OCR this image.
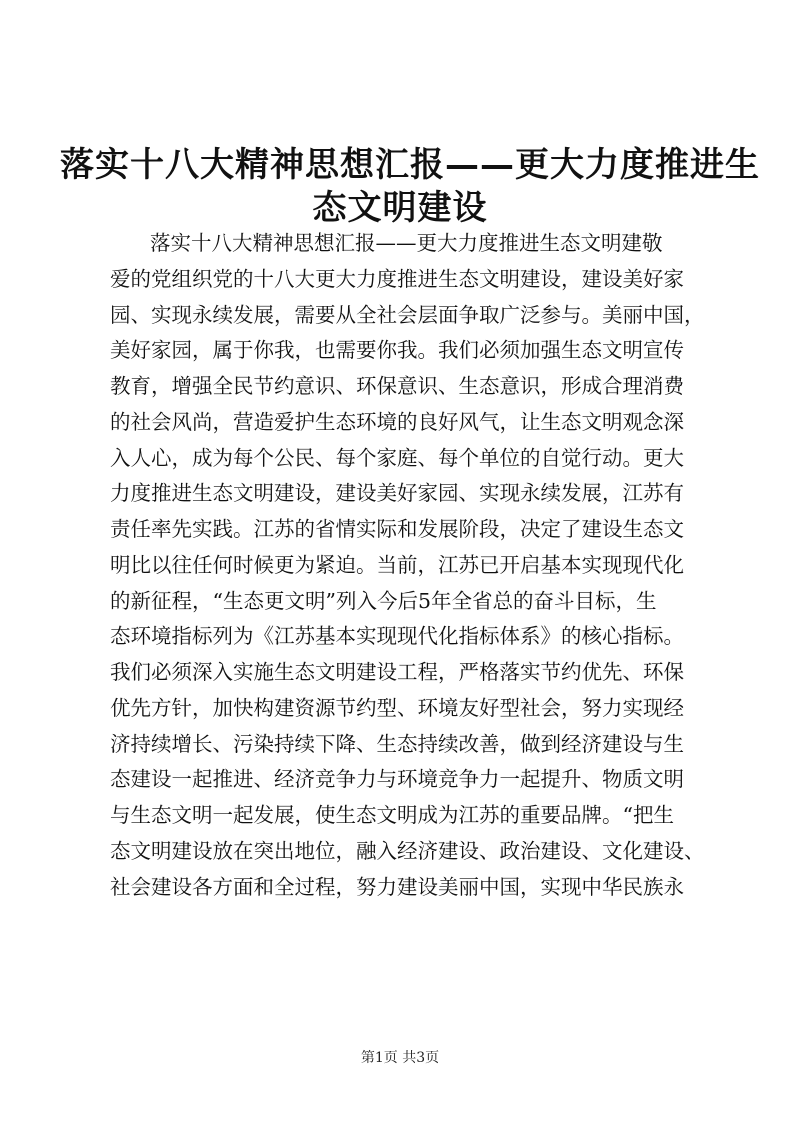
落实十八大精神思想汇报——更大力度推进生
态文明建设
落实十八大精神思想汇报——更大力度推进生态文明建敬
爱的党组织党的十八大更大力度推进生态文明建设，建设美好家
园、实现永续发展，需要从全社会层面争取广泛参与。美丽中国，
美好家园，属于你我，也需要你我。我们必须加强生态文明宣传
教育，增强全民节约意识、环保意识、生态意识，形成合理消费
的社会风尚，营造爱护生态环境的良好风气，让生态文明观念深
入人心，成为每个公民、每个家庭、每个单位的自觉行动。更大
力度推进生态文明建设，建设美好家园、实现永续发展，江苏有
责任率先实践。江苏的省情实际和发展阶段，决定了建设生态文
明比以往任何时候更为紧迫。当前，江苏已开启基本实现现代化
的新征程，“生态更文明”列入今后5年全省总的奋斗目标，生
态环境指标列为《江苏基本实现现代化指标体系》的核心指标。
我们必须深入实施生态文明建设工程，严格落实节约优先、环保
优先方针，加快构建资源节约型、环境友好型社会，努力实现经
济持续增长、污染持续下降、生态持续改善，做到经济建设与生
态建设一起推进、经济竞争力与环境竞争力一起提升、物质文明
与生态文明一起发展，使生态文明成为江苏的重要品牌。“把生
态文明建设放在突出地位，融入经济建设、政治建设、文化建设、
社会建设各方面和全过程，努力建设美丽中国，实现中华民族永
第1页 共3页
